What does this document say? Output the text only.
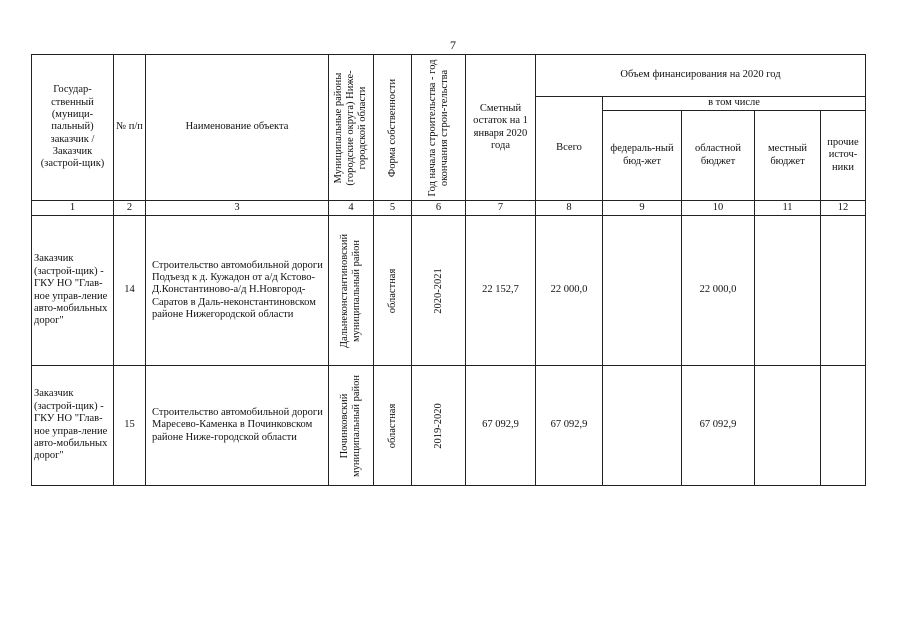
7
Государ-ственный (муници-пальный) заказчик / Заказчик (застрой-щик)	№ п/п	Наименование объекта	Муниципальные районы (городские округа) Ниже-городской области	Форма собственности	Год начала строительства - год окончания строи-тельства	Сметный остаток на 1 января 2020 года	Объем финансирования на 2020 год				
							Всего	в том числе			
								федераль-ный бюд-жет	областной бюджет	местный бюджет	прочие источ-ники
1	2	3	4	5	6	7	8	9	10	11	12
Заказчик (застрой-щик) - ГКУ НО "Глав-ное управ-ление авто-мобильных дорог"	14	Строительство автомобильной дороги Подъезд к д. Кужадон от а/д Кстово-Д.Константиново-а/д Н.Новгород-Саратов в Даль-неконстантиновском районе Нижегородской области	Дальнеконстантиновский муниципальный район	областная	2020-2021	22 152,7	22 000,0		22 000,0		
Заказчик (застрой-щик) - ГКУ НО "Глав-ное управ-ление авто-мобильных дорог"	15	Строительство автомобильной дороги Маресево-Каменка в Починковском районе Ниже-городской области	Починковский муниципальный район	областная	2019-2020	67 092,9	67 092,9		67 092,9		
